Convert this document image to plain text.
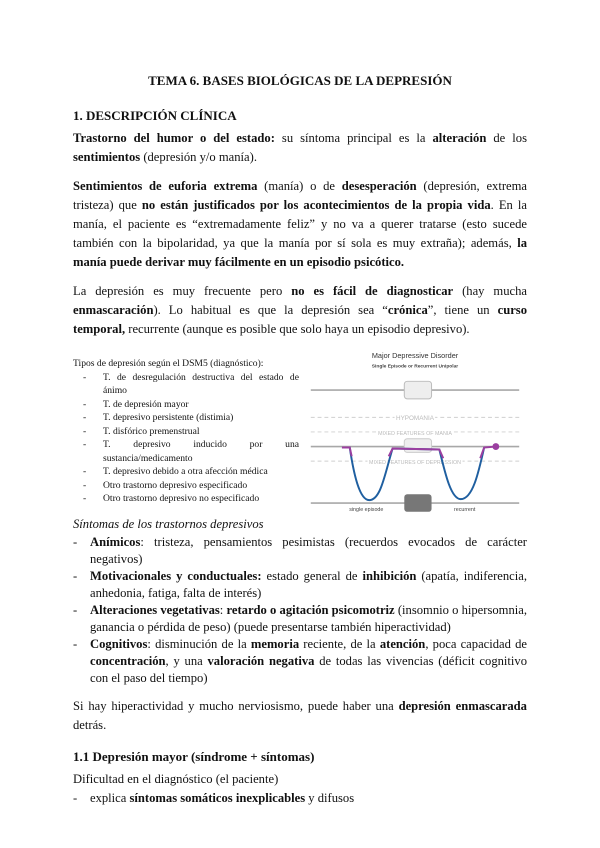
TEMA 6. BASES BIOLÓGICAS DE LA DEPRESIÓN
1. DESCRIPCIÓN CLÍNICA
Trastorno del humor o del estado: su síntoma principal es la alteración de los sentimientos (depresión y/o manía).
Sentimientos de euforia extrema (manía) o de desesperación (depresión, extrema tristeza) que no están justificados por los acontecimientos de la propia vida. En la manía, el paciente es “extremadamente feliz” y no va a querer tratarse (esto sucede también con la bipolaridad, ya que la manía por sí sola es muy extraña); además, la manía puede derivar muy fácilmente en un episodio psicótico.
La depresión es muy frecuente pero no es fácil de diagnosticar (hay mucha enmascaración). Lo habitual es que la depresión sea “crónica”, tiene un curso temporal, recurrente (aunque es posible que solo haya un episodio depresivo).
Tipos de depresión según el DSM5 (diagnóstico):
-	T. de desregulación destructiva del estado de ánimo
-	T. de depresión mayor
-	T. depresivo persistente (distimia)
-	T. disfórico premenstrual
-	T. depresivo inducido por una sustancia/medicamento
-	T. depresivo debido a otra afección médica
-	Otro trastorno depresivo especificado
-	Otro trastorno depresivo no especificado
Major Depressive Disorder
Single Episode or Recurrent Unipolar
HYPOMANIA
MIXED FEATURES OF MANIA
MIXED FEATURES OF DEPRESSION
single episode	recurrent
Síntomas de los trastornos depresivos
-	Anímicos: tristeza, pensamientos pesimistas (recuerdos evocados de carácter negativos)
-	Motivacionales y conductuales: estado general de inhibición (apatía, indiferencia, anhedonia, fatiga, falta de interés)
-	Alteraciones vegetativas: retardo o agitación psicomotriz (insomnio o hipersomnia, ganancia o pérdida de peso) (puede presentarse también hiperactividad)
-	Cognitivos: disminución de la memoria reciente, de la atención, poca capacidad de concentración, y una valoración negativa de todas las vivencias (déficit cognitivo con el paso del tiempo)
Si hay hiperactividad y mucho nerviosismo, puede haber una depresión enmascarada detrás.
1.1 Depresión mayor (síndrome + síntomas)
Dificultad en el diagnóstico (el paciente)
-	explica síntomas somáticos inexplicables y difusos
